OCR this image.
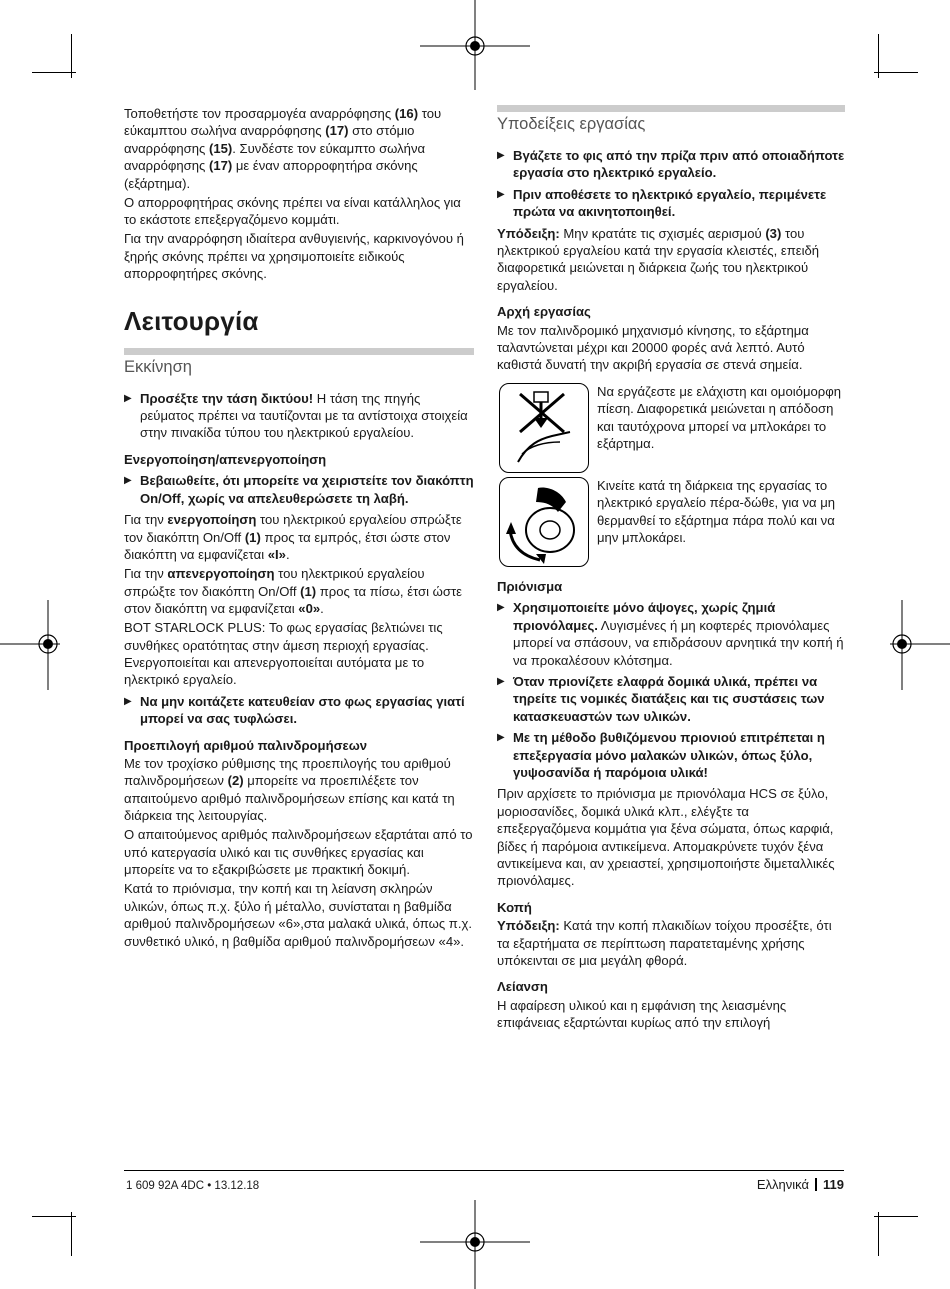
Τοποθετήστε τον προσαρμογέα αναρρόφησης (16) του εύκαμπτου σωλήνα αναρρόφησης (17) στο στόμιο αναρρόφησης (15). Συνδέστε τον εύκαμπτο σωλήνα αναρρόφησης (17) με έναν απορροφητήρα σκόνης (εξάρτημα).

Ο απορροφητήρας σκόνης πρέπει να είναι κατάλληλος για το εκάστοτε επεξεργαζόμενο κομμάτι.

Για την αναρρόφηση ιδιαίτερα ανθυγιεινής, καρκινογόνου ή ξηρής σκόνης πρέπει να χρησιμοποιείτε ειδικούς απορροφητήρες σκόνης.

Λειτουργία
Εκκίνηση
▶ Προσέξτε την τάση δικτύου! Η τάση της πηγής ρεύματος πρέπει να ταυτίζονται με τα αντίστοιχα στοιχεία στην πινακίδα τύπου του ηλεκτρικού εργαλείου.
Ενεργοποίηση/απενεργοποίηση
▶ Βεβαιωθείτε, ότι μπορείτε να χειριστείτε τον διακόπτη On/Off, χωρίς να απελευθερώσετε τη λαβή.

Για την ενεργοποίηση του ηλεκτρικού εργαλείου σπρώξτε τον διακόπτη On/Off (1) προς τα εμπρός, έτσι ώστε στον διακόπτη να εμφανίζεται «I».

Για την απενεργοποίηση του ηλεκτρικού εργαλείου σπρώξτε τον διακόπτη On/Off (1) προς τα πίσω, έτσι ώστε στον διακόπτη να εμφανίζεται «0».

BOT STARLOCK PLUS: Το φως εργασίας βελτιώνει τις συνθήκες ορατότητας στην άμεση περιοχή εργασίας. Ενεργοποιείται και απενεργοποιείται αυτόματα με το ηλεκτρικό εργαλείο.

▶ Να μην κοιτάζετε κατευθείαν στο φως εργασίας γιατί μπορεί να σας τυφλώσει.
Προεπιλογή αριθμού παλινδρομήσεων

Με τον τροχίσκο ρύθμισης της προεπιλογής του αριθμού παλινδρομήσεων (2) μπορείτε να προεπιλέξετε τον απαιτούμενο αριθμό παλινδρομήσεων επίσης και κατά τη διάρκεια της λειτουργίας.

Ο απαιτούμενος αριθμός παλινδρομήσεων εξαρτάται από το υπό κατεργασία υλικό και τις συνθήκες εργασίας και μπορείτε να το εξακριβώσετε με πρακτική δοκιμή.

Κατά το πριόνισμα, την κοπή και τη λείανση σκληρών υλικών, όπως π.χ. ξύλο ή μέταλλο, συνίσταται η βαθμίδα αριθμού παλινδρομήσεων «6»,στα μαλακά υλικά, όπως π.χ. συνθετικό υλικό, η βαθμίδα αριθμού παλινδρομήσεων «4».

Υποδείξεις εργασίας
▶ Βγάζετε το φις από την πρίζα πριν από οποιαδήποτε εργασία στο ηλεκτρικό εργαλείο.
▶ Πριν αποθέσετε το ηλεκτρικό εργαλείο, περιμένετε πρώτα να ακινητοποιηθεί.

Υπόδειξη: Μην κρατάτε τις σχισμές αερισμού (3) του ηλεκτρικού εργαλείου κατά την εργασία κλειστές, επειδή διαφορετικά μειώνεται η διάρκεια ζωής του ηλεκτρικού εργαλείου.

Αρχή εργασίας

Με τον παλινδρομικό μηχανισμό κίνησης, το εξάρτημα ταλαντώνεται μέχρι και 20000 φορές ανά λεπτό. Αυτό καθιστά δυνατή την ακριβή εργασία σε στενά σημεία.

Να εργάζεστε με ελάχιστη και ομοιόμορφη πίεση. Διαφορετικά μειώνεται η απόδοση και ταυτόχρονα μπορεί να μπλοκάρει το εξάρτημα.
Κινείτε κατά τη διάρκεια της εργασίας το ηλεκτρικό εργαλείο πέρα-δώθε, για να μη θερμανθεί το εξάρτημα πάρα πολύ και να μην μπλοκάρει.
Πριόνισμα
▶ Χρησιμοποιείτε μόνο άψογες, χωρίς ζημιά πριονόλαμες. Λυγισμένες ή μη κοφτερές πριονόλαμες μπορεί να σπάσουν, να επιδράσουν αρνητικά την κοπή ή να προκαλέσουν κλότσημα.
▶ Όταν πριονίζετε ελαφρά δομικά υλικά, πρέπει να τηρείτε τις νομικές διατάξεις και τις συστάσεις των κατασκευαστών των υλικών.
▶ Με τη μέθοδο βυθιζόμενου πριονιού επιτρέπεται η επεξεργασία μόνο μαλακών υλικών, όπως ξύλο, γυψοσανίδα ή παρόμοια υλικά!

Πριν αρχίσετε το πριόνισμα με πριονόλαμα HCS σε ξύλο, μοριοσανίδες, δομικά υλικά κλπ., ελέγξτε τα επεξεργαζόμενα κομμάτια για ξένα σώματα, όπως καρφιά, βίδες ή παρόμοια αντικείμενα. Απομακρύνετε τυχόν ξένα αντικείμενα και, αν χρειαστεί, χρησιμοποιήστε διμεταλλικές πριονόλαμες.

Κοπή

Υπόδειξη: Κατά την κοπή πλακιδίων τοίχου προσέξτε, ότι τα εξαρτήματα σε περίπτωση παρατεταμένης χρήσης υπόκεινται σε μια μεγάλη φθορά.

Λείανση

Η αφαίρεση υλικού και η εμφάνιση της λειασμένης επιφάνειας εξαρτώνται κυρίως από την επιλογή

1 609 92A 4DC • 13.12.18	Ελληνικά 119
